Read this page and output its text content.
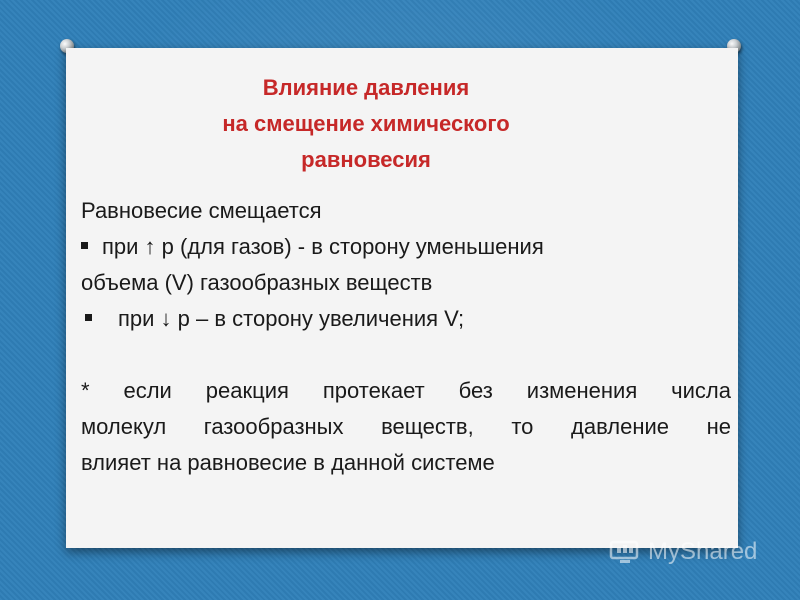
Влияние давления
на смещение химического
равновесия
Равновесие смещается
при ↑ р (для газов) - в сторону уменьшения
объема (V) газообразных веществ
при ↓ р – в сторону увеличения V;
* если реакция протекает без изменения числа
молекул газообразных веществ, то давление не
влияет на равновесие в данной системе
MyShared
